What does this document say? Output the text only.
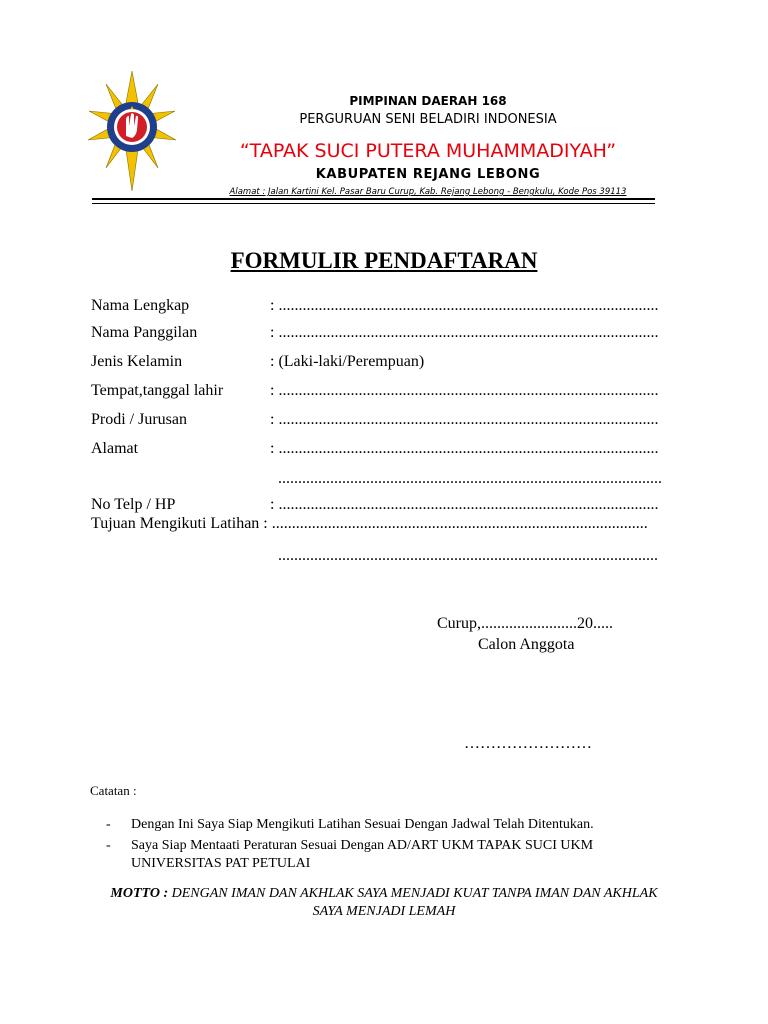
PIMPINAN DAERAH 168
PERGURUAN SENI BELADIRI INDONESIA
“TAPAK SUCI PUTERA MUHAMMADIYAH”
KABUPATEN REJANG LEBONG
Alamat : Jalan Kartini Kel. Pasar Baru Curup, Kab. Rejang Lebong - Bengkulu, Kode Pos 39113
FORMULIR PENDAFTARAN
Nama Lengkap	: ...............................................................................................
Nama Panggilan	: ...............................................................................................
Jenis Kelamin	: (Laki-laki/Perempuan)
Tempat,tanggal lahir	: ...............................................................................................
Prodi / Jurusan	: ...............................................................................................
Alamat	: ...............................................................................................
................................................................................................
No Telp / HP	: ...............................................................................................
Tujuan Mengikuti Latihan : ..............................................................................................
...............................................................................................
Curup,........................20.....
Calon Anggota
……………………
Catatan :
- Dengan Ini Saya Siap Mengikuti Latihan Sesuai Dengan Jadwal Telah Ditentukan.
- Saya Siap Mentaati Peraturan Sesuai Dengan AD/ART UKM TAPAK SUCI UKM
UNIVERSITAS PAT PETULAI
MOTTO : DENGAN IMAN DAN AKHLAK SAYA MENJADI KUAT TANPA IMAN DAN AKHLAK SAYA MENJADI LEMAH
